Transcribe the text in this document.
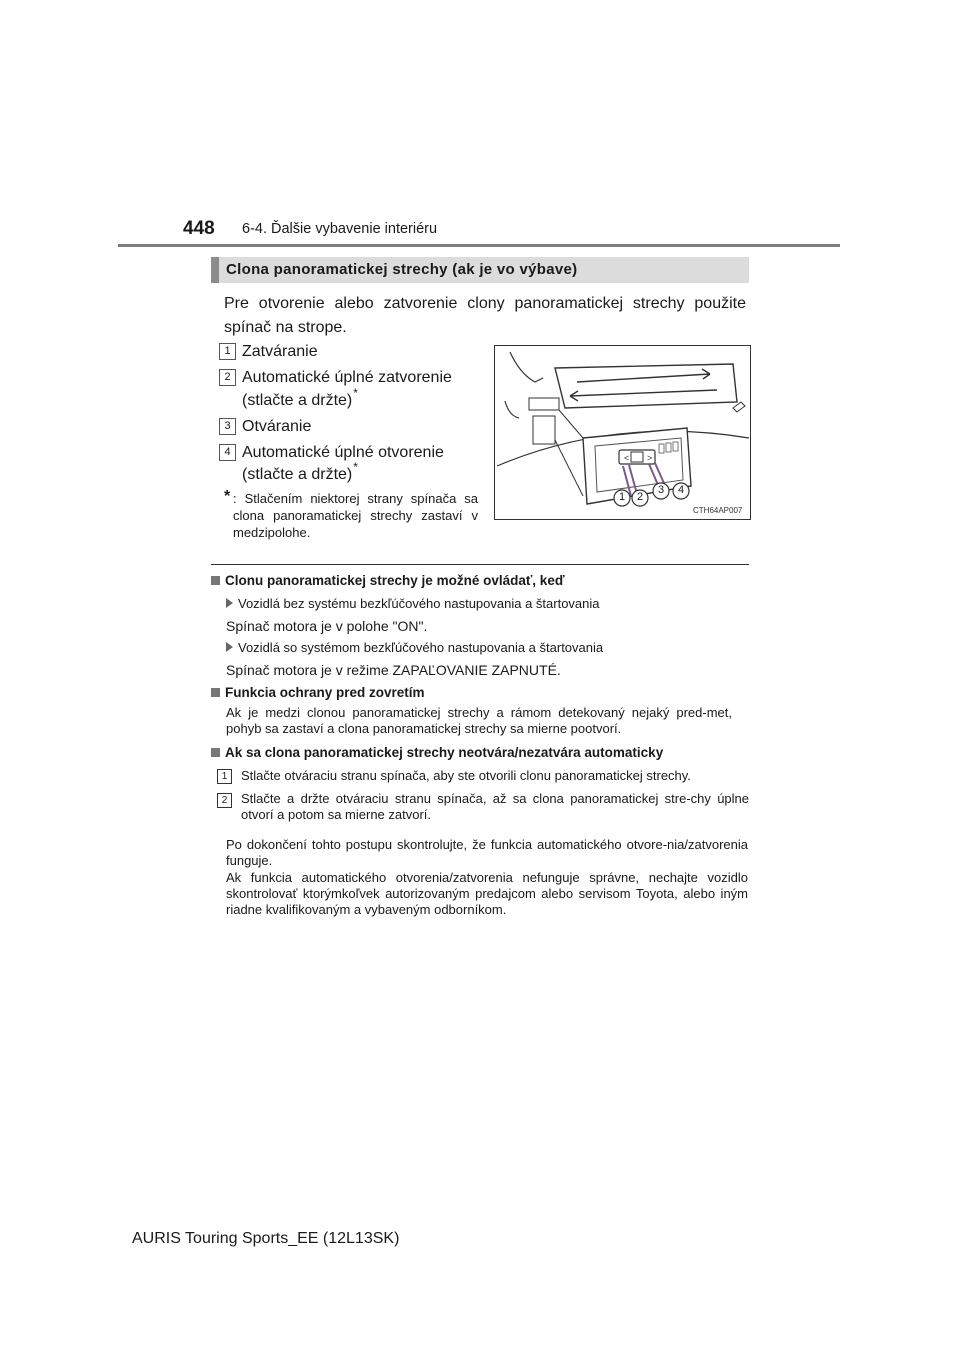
448 6-4. Ďalšie vybavenie interiéru
Clona panoramatickej strechy (ak je vo výbave)
Pre otvorenie alebo zatvorenie clony panoramatickej strechy použite spínač na strope.
1 Zatváranie
2 Automatické úplné zatvorenie
(stlačte a držte)*
3 Otváranie
4 Automatické úplné otvorenie
(stlačte a držte)*
* : Stlačením niektorej strany spínača sa clona panoramatickej strechy zastaví v medzipolohe.
< >
1 2
3 4
CTH64AP007
Clonu panoramatickej strechy je možné ovládať, keď
Vozidlá bez systému bezkľúčového nastupovania a štartovania
Spínač motora je v polohe "ON".
Vozidlá so systémom bezkľúčového nastupovania a štartovania
Spínač motora je v režime ZAPAĽOVANIE ZAPNUTÉ.
Funkcia ochrany pred zovretím
Ak je medzi clonou panoramatickej strechy a rámom detekovaný nejaký pred-met, pohyb sa zastaví a clona panoramatickej strechy sa mierne pootvorí.
Ak sa clona panoramatickej strechy neotvára/nezatvára automaticky
1	Stlačte otváraciu stranu spínača, aby ste otvorili clonu panoramatickej strechy.
2	Stlačte a držte otváraciu stranu spínača, až sa clona panoramatickej stre-chy úplne otvorí a potom sa mierne zatvorí.
Po dokončení tohto postupu skontrolujte, že funkcia automatického otvore-nia/zatvorenia funguje.
Ak funkcia automatického otvorenia/zatvorenia nefunguje správne, nechajte vozidlo skontrolovať ktorýmkoľvek autorizovaným predajcom alebo servisom Toyota, alebo iným riadne kvalifikovaným a vybaveným odborníkom.
AURIS Touring Sports_EE (12L13SK)
